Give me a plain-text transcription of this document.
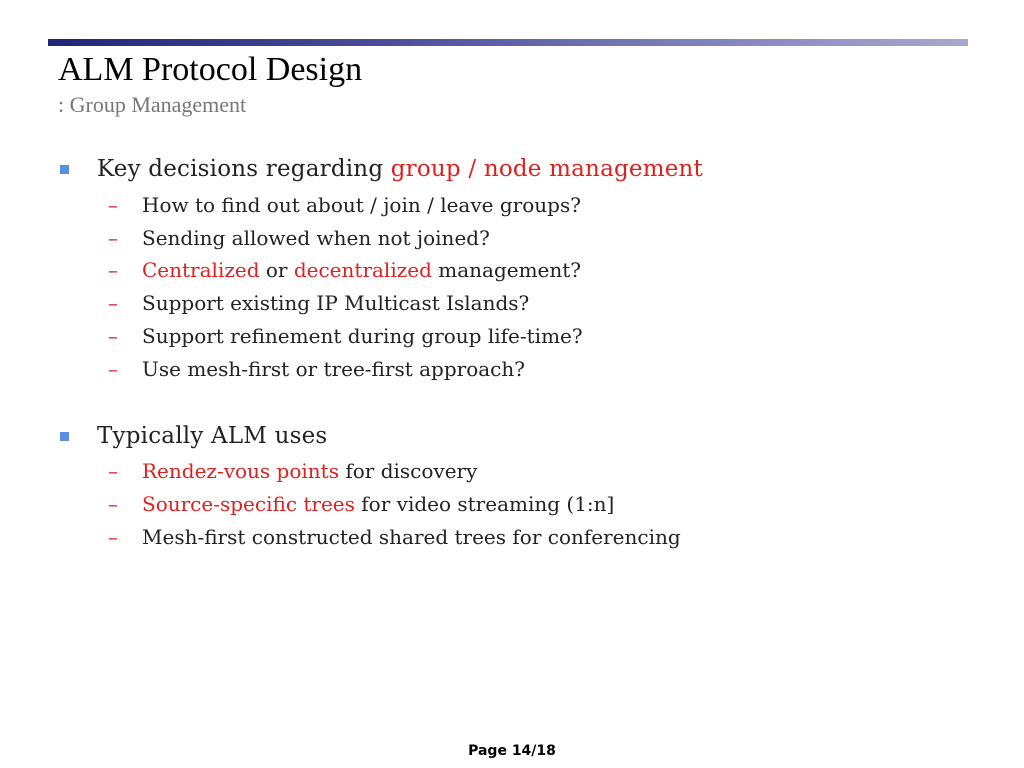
ALM Protocol Design
: Group Management
Key decisions regarding group / node management
– How to find out about / join / leave groups?
– Sending allowed when not joined?
– Centralized or decentralized management?
– Support existing IP Multicast Islands?
– Support refinement during group life-time?
– Use mesh-first or tree-first approach?
Typically ALM uses
– Rendez-vous points for discovery
– Source-specific trees for video streaming (1:n]
– Mesh-first constructed shared trees for conferencing
Page 14/18
